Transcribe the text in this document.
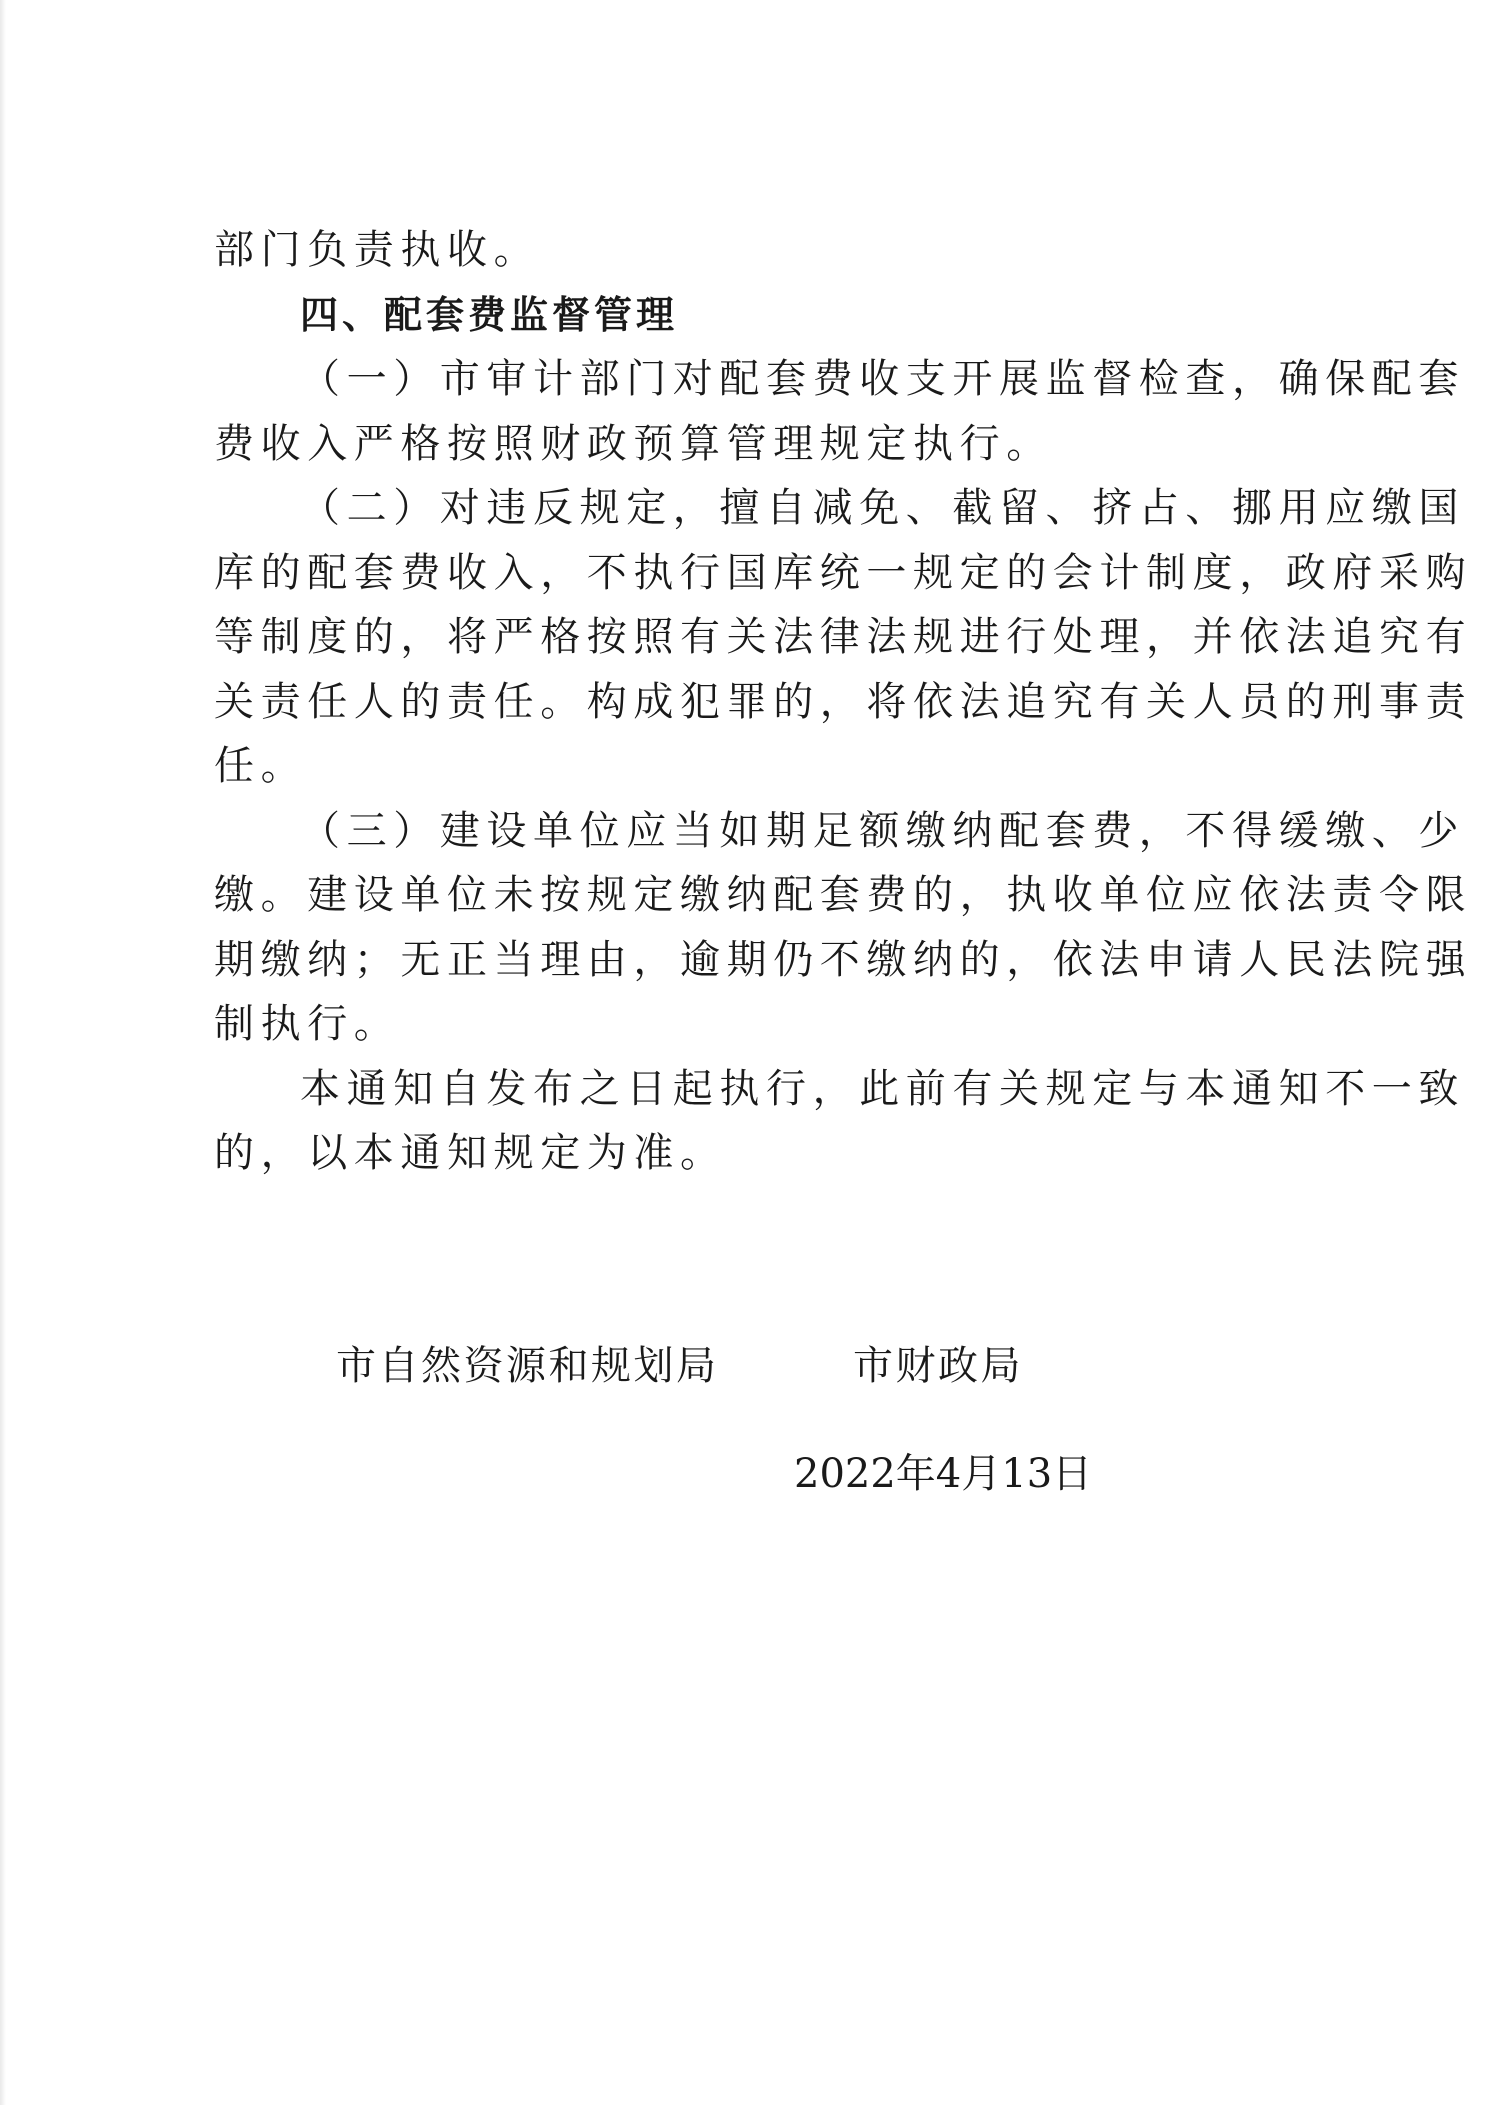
部门负责执收。

四、配套费监督管理

（一）市审计部门对配套费收支开展监督检查，确保配套

费收入严格按照财政预算管理规定执行。

（二）对违反规定，擅自减免、截留、挤占、挪用应缴国

库的配套费收入，不执行国库统一规定的会计制度，政府采购

等制度的，将严格按照有关法律法规进行处理，并依法追究有

关责任人的责任。构成犯罪的，将依法追究有关人员的刑事责

任。

（三）建设单位应当如期足额缴纳配套费，不得缓缴、少

缴。建设单位未按规定缴纳配套费的，执收单位应依法责令限

期缴纳；无正当理由，逾期仍不缴纳的，依法申请人民法院强

制执行。

本通知自发布之日起执行，此前有关规定与本通知不一致

的，以本通知规定为准。

市自然资源和规划局	市财政局
2022年4月13日
